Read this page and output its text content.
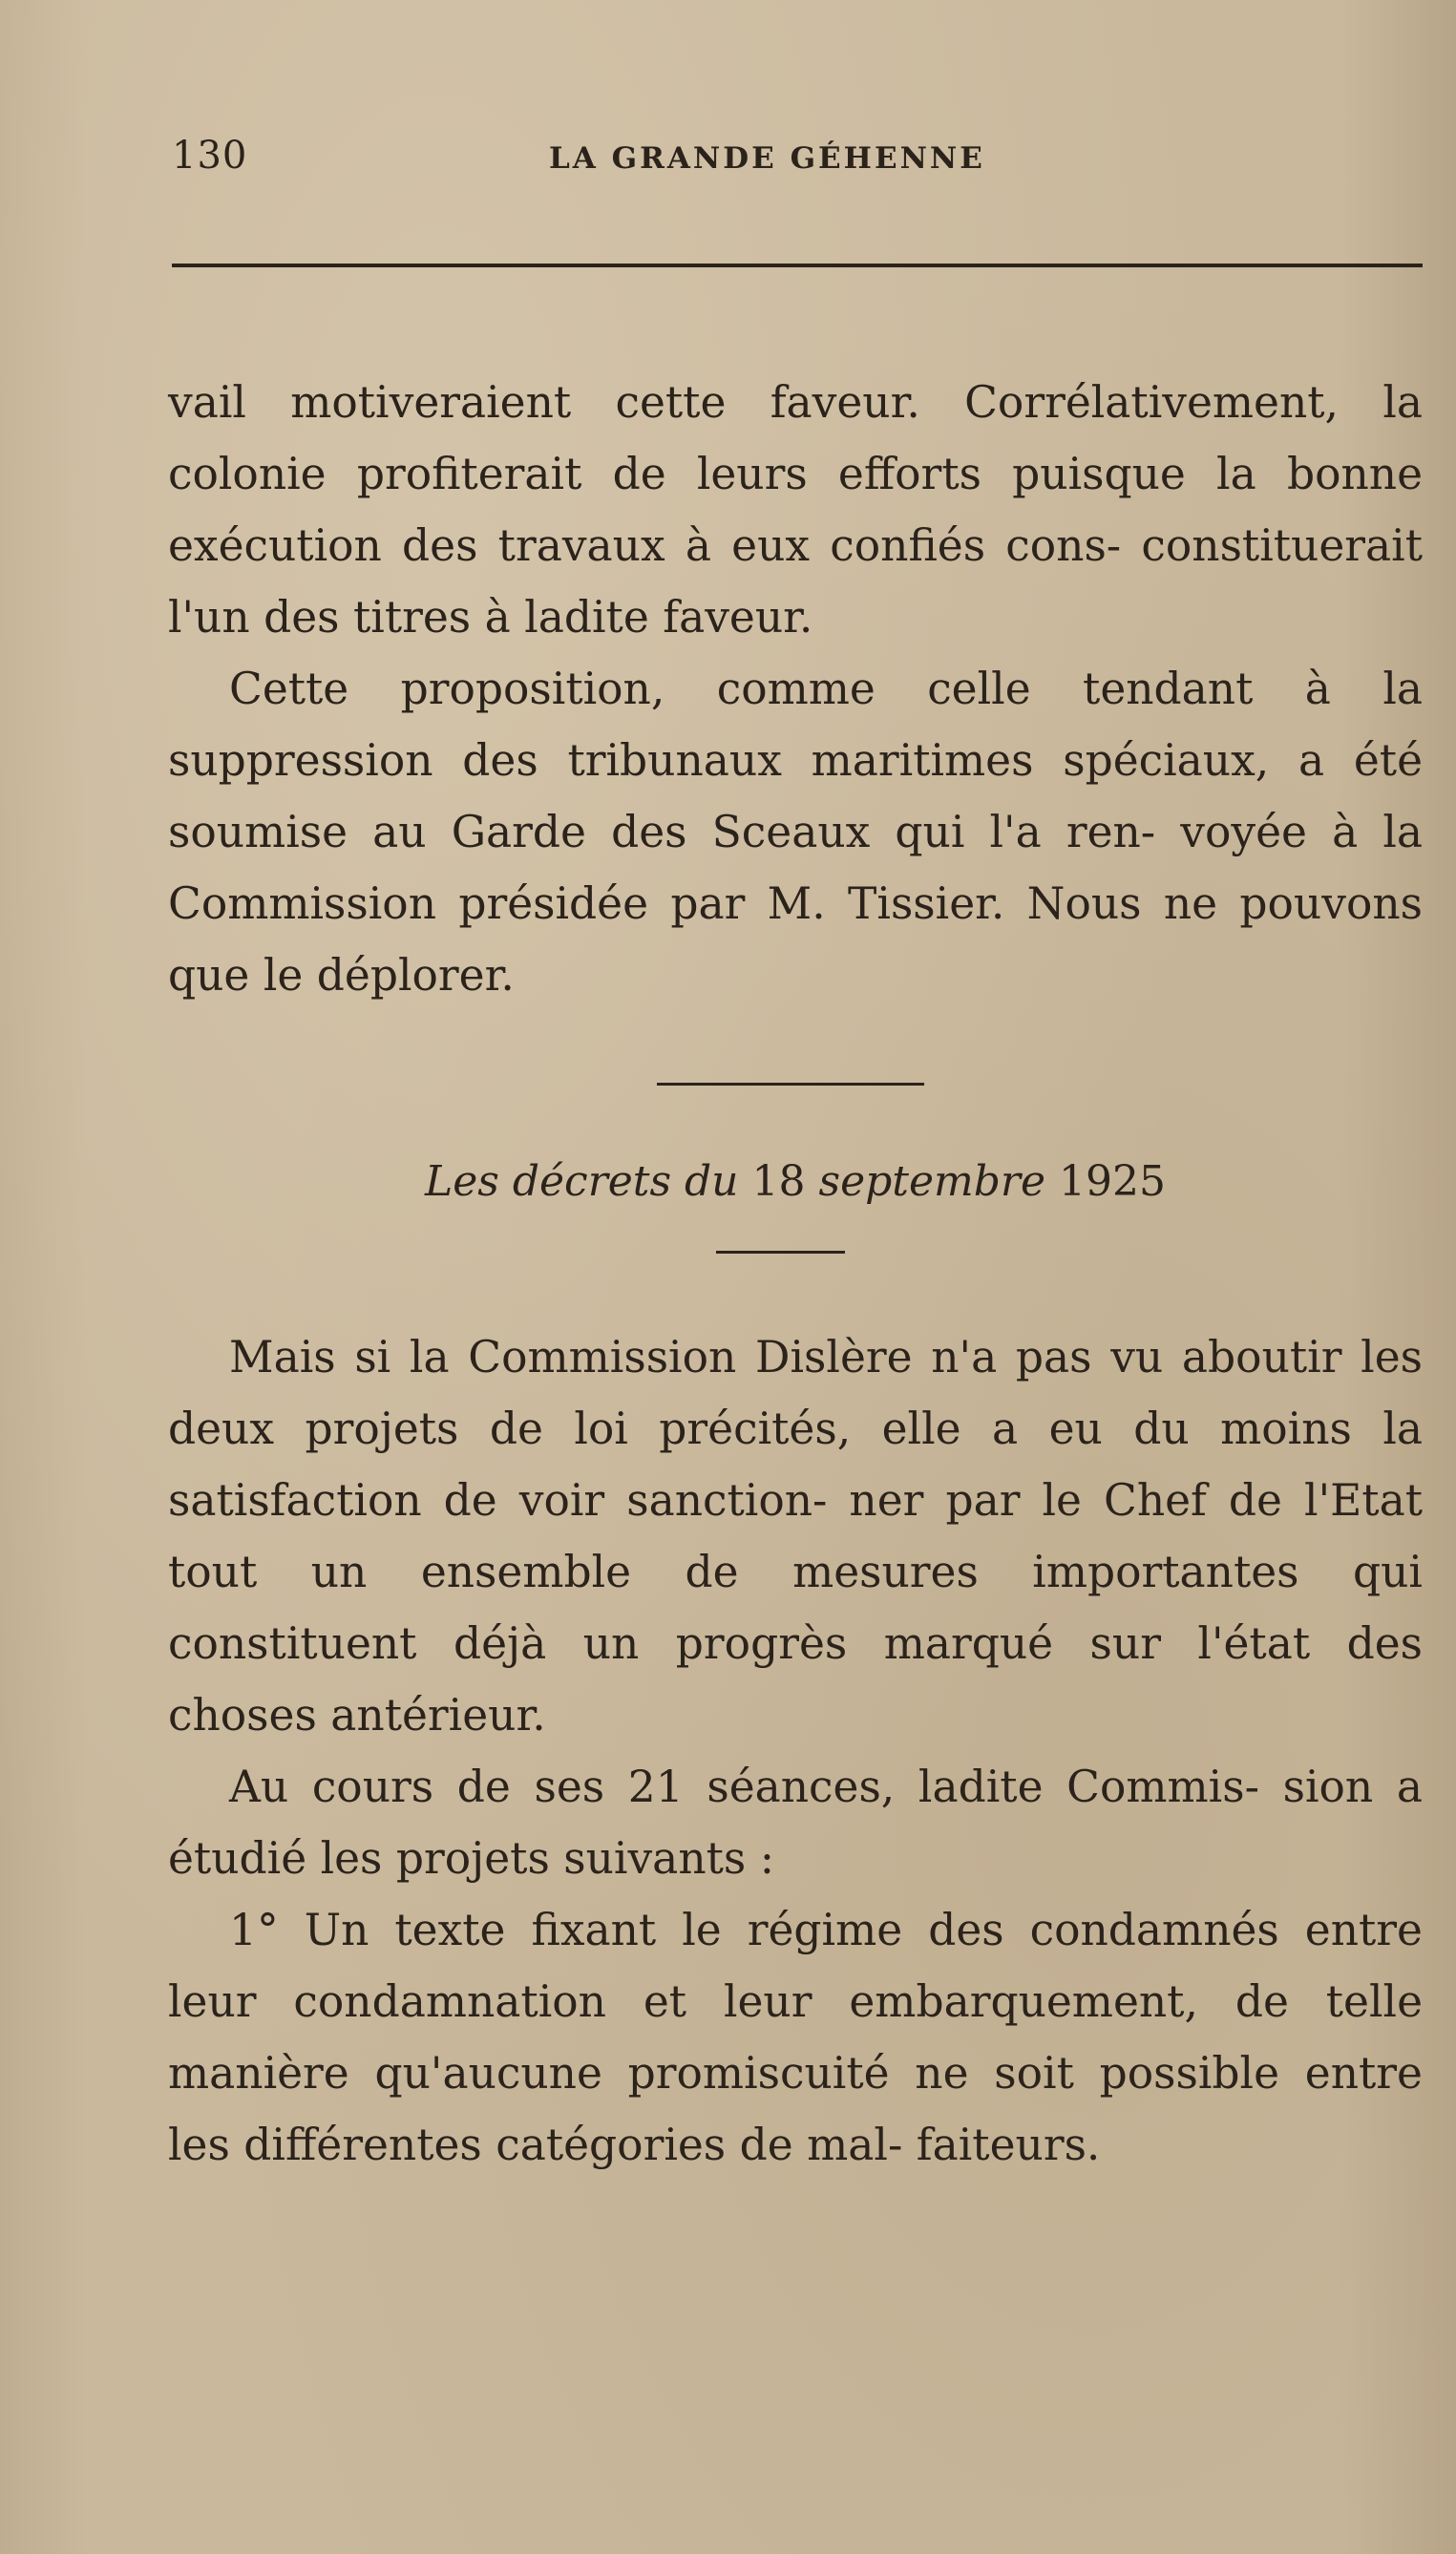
130	LA GRANDE GÉHENNE

vail motiveraient cette faveur. Corrélativement, la colonie profiterait de leurs efforts puisque la bonne exécution des travaux à eux confiés cons- constituerait l'un des titres à ladite faveur.

Cette proposition, comme celle tendant à la suppression des tribunaux maritimes spéciaux, a été soumise au Garde des Sceaux qui l'a ren- voyée à la Commission présidée par M. Tissier. Nous ne pouvons que le déplorer.

Les décrets du 18 septembre 1925

Mais si la Commission Dislère n'a pas vu aboutir les deux projets de loi précités, elle a eu du moins la satisfaction de voir sanction- ner par le Chef de l'Etat tout un ensemble de mesures importantes qui constituent déjà un progrès marqué sur l'état des choses antérieur.

Au cours de ses 21 séances, ladite Commis- sion a étudié les projets suivants :

1° Un texte fixant le régime des condamnés entre leur condamnation et leur embarquement, de telle manière qu'aucune promiscuité ne soit possible entre les différentes catégories de mal- faiteurs.
